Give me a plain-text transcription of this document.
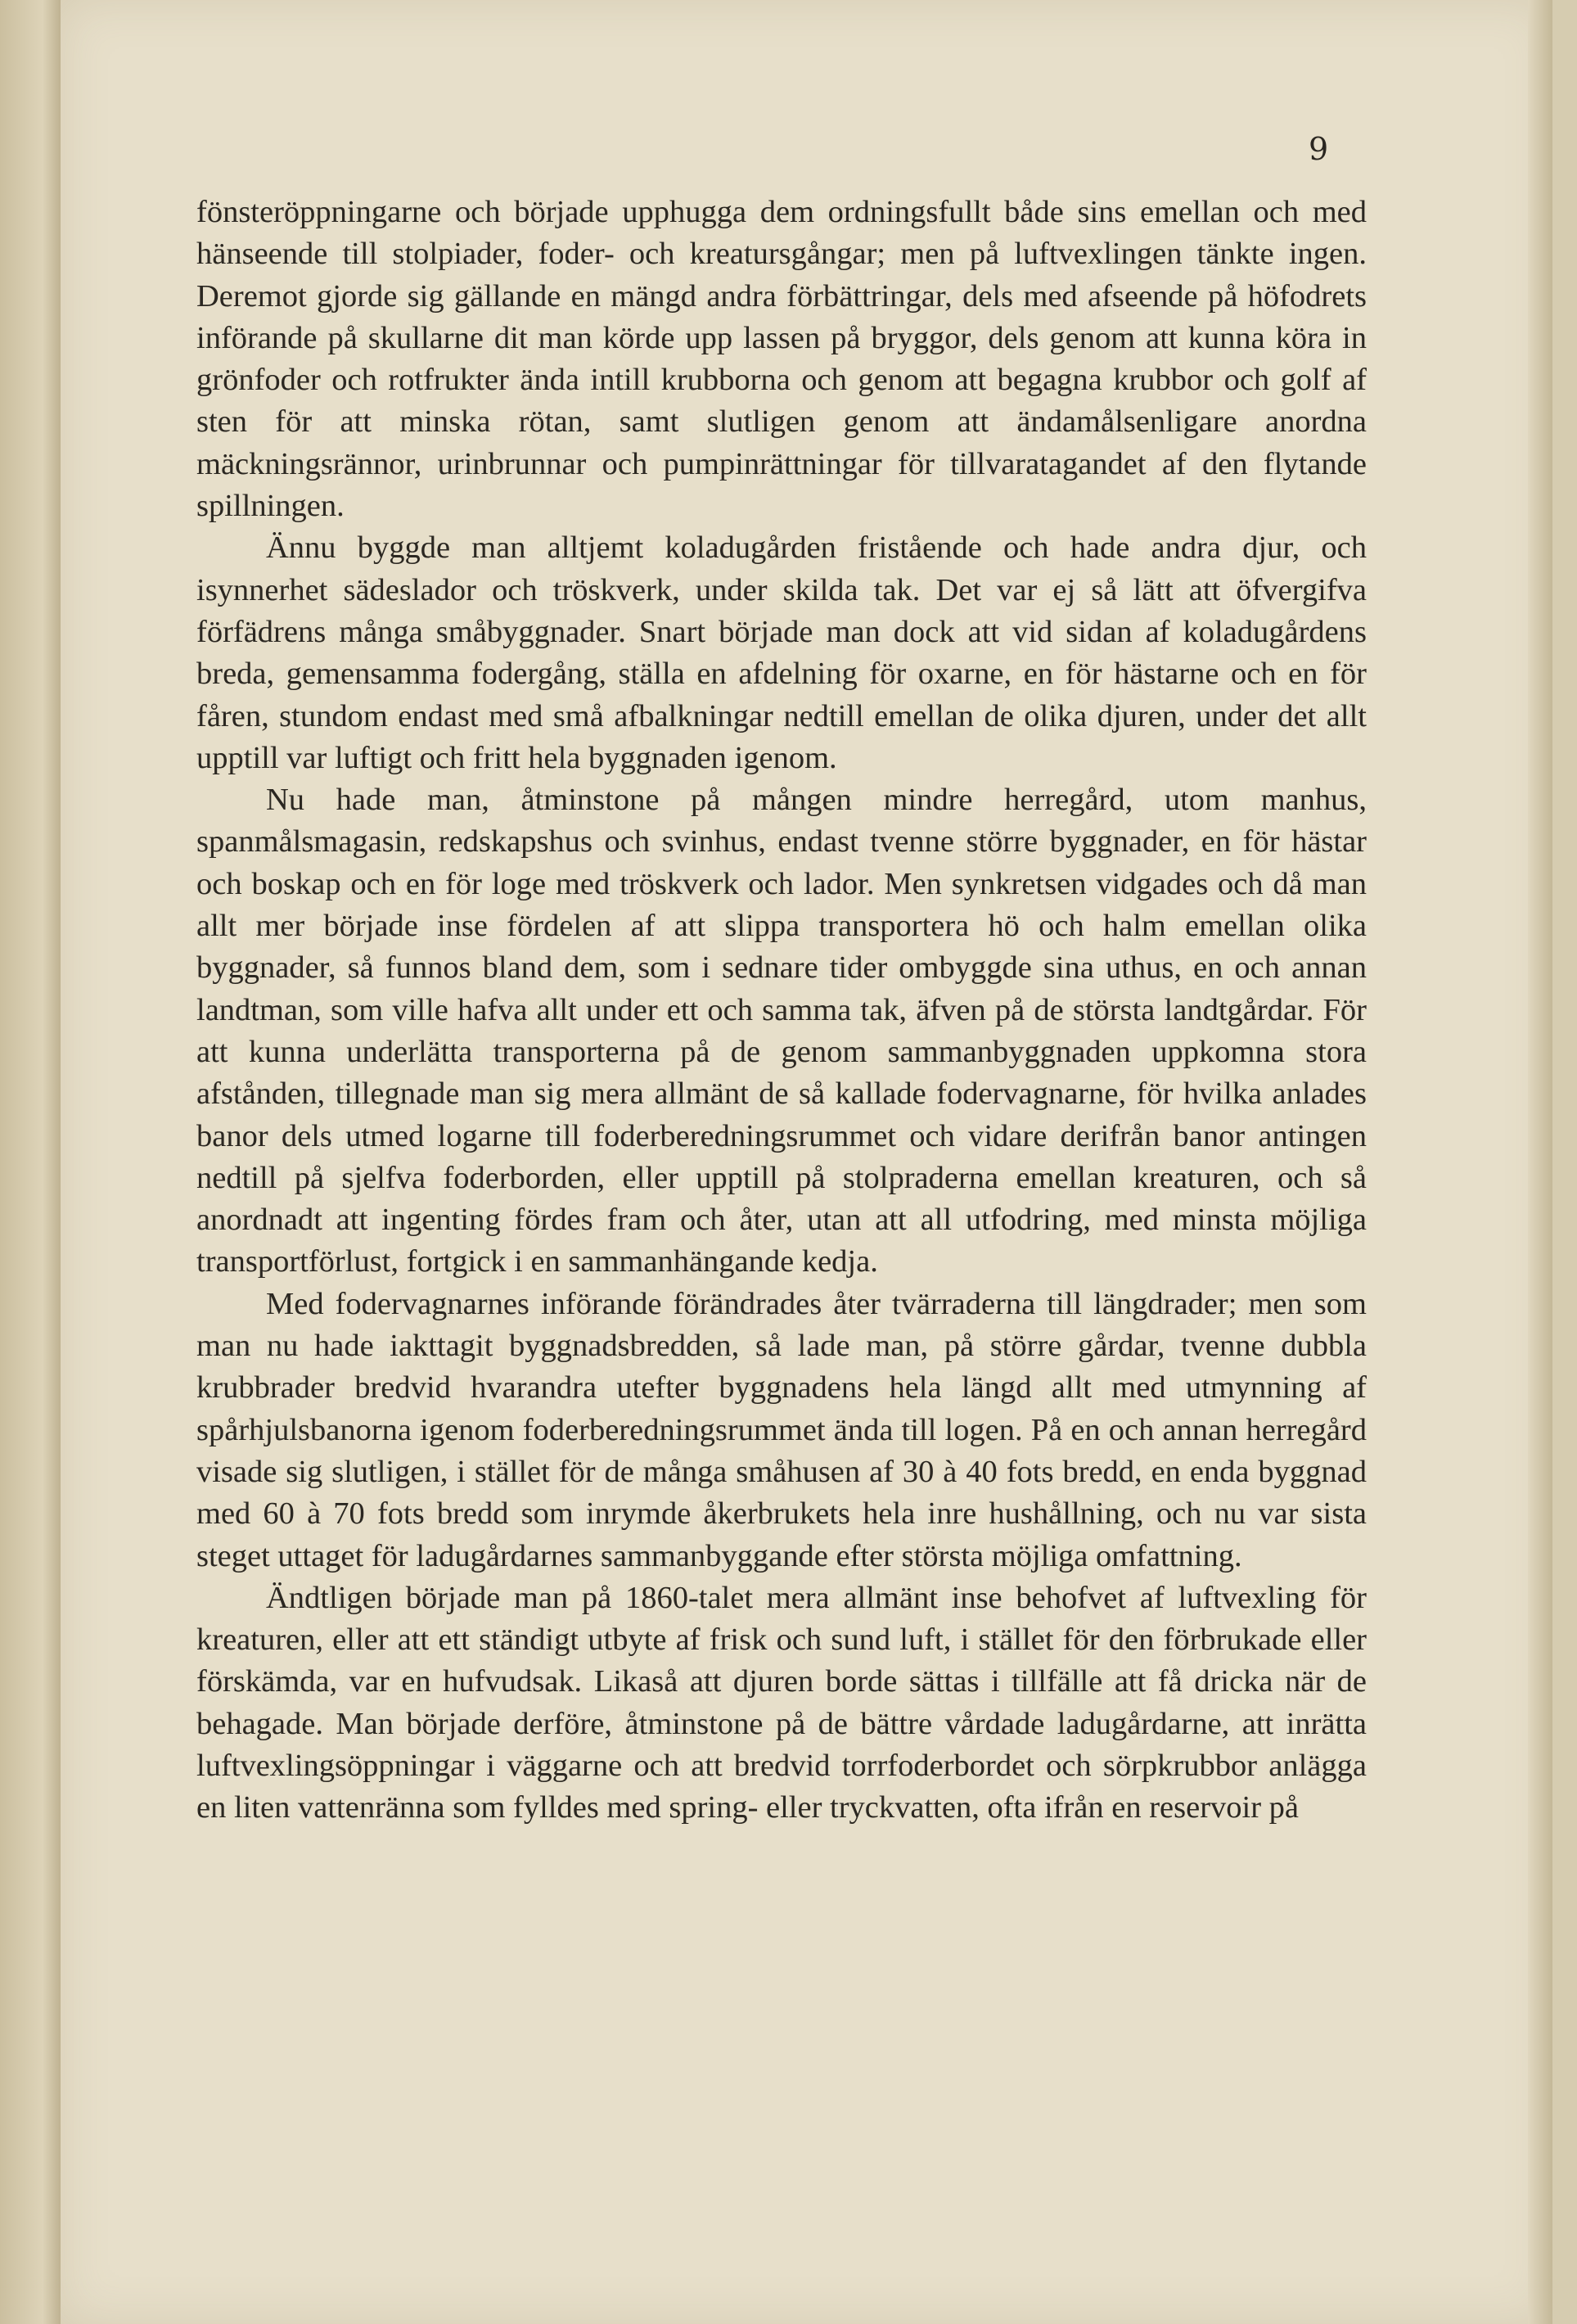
9

fönsteröppningarne och började upphugga dem ordningsfullt både sins emellan och med hänseende till stolpiader, foder- och kreatursgångar; men på luftvexlingen tänkte ingen. Deremot gjorde sig gällande en mängd andra förbättringar, dels med afseende på höfodrets införande på skullarne dit man körde upp lassen på bryggor, dels genom att kunna köra in grönfoder och rotfrukter ända intill krubborna och genom att begagna krubbor och golf af sten för att minska rötan, samt slutligen genom att ändamålsenligare anordna mäckningsrännor, urinbrunnar och pumpinrättningar för tillvaratagandet af den flytande spillningen.

Ännu byggde man alltjemt koladugården fristående och hade andra djur, och isynnerhet sädeslador och tröskverk, under skilda tak. Det var ej så lätt att öfvergifva förfädrens många småbyggnader. Snart började man dock att vid sidan af koladugårdens breda, gemensamma fodergång, ställa en afdelning för oxarne, en för hästarne och en för fåren, stundom endast med små afbalkningar nedtill emellan de olika djuren, under det allt upptill var luftigt och fritt hela byggnaden igenom.

Nu hade man, åtminstone på mången mindre herregård, utom manhus, spanmålsmagasin, redskapshus och svinhus, endast tvenne större byggnader, en för hästar och boskap och en för loge med tröskverk och lador. Men synkretsen vidgades och då man allt mer började inse fördelen af att slippa transportera hö och halm emellan olika byggnader, så funnos bland dem, som i sednare tider ombyggde sina uthus, en och annan landtman, som ville hafva allt under ett och samma tak, äfven på de största landtgårdar. För att kunna underlätta transporterna på de genom sammanbyggnaden uppkomna stora afstånden, tillegnade man sig mera allmänt de så kallade fodervagnarne, för hvilka anlades banor dels utmed logarne till foderberedningsrummet och vidare derifrån banor antingen nedtill på sjelfva foderborden, eller upptill på stolpraderna emellan kreaturen, och så anordnadt att ingenting fördes fram och åter, utan att all utfodring, med minsta möjliga transportförlust, fortgick i en sammanhängande kedja.

Med fodervagnarnes införande förändrades åter tvärraderna till längdrader; men som man nu hade iakttagit byggnadsbredden, så lade man, på större gårdar, tvenne dubbla krubbrader bredvid hvarandra utefter byggnadens hela längd allt med utmynning af spårhjulsbanorna igenom foderberedningsrummet ända till logen. På en och annan herregård visade sig slutligen, i stället för de många småhusen af 30 à 40 fots bredd, en enda byggnad med 60 à 70 fots bredd som inrymde åkerbrukets hela inre hushållning, och nu var sista steget uttaget för ladugårdarnes sammanbyggande efter största möjliga omfattning.

Ändtligen började man på 1860-talet mera allmänt inse behofvet af luftvexling för kreaturen, eller att ett ständigt utbyte af frisk och sund luft, i stället för den förbrukade eller förskämda, var en hufvudsak. Likaså att djuren borde sättas i tillfälle att få dricka när de behagade. Man började derföre, åtminstone på de bättre vårdade ladugårdarne, att inrätta luftvexlingsöppningar i väggarne och att bredvid torrfoderbordet och sörpkrubbor anlägga en liten vattenränna som fylldes med spring- eller tryckvatten, ofta ifrån en reservoir på
